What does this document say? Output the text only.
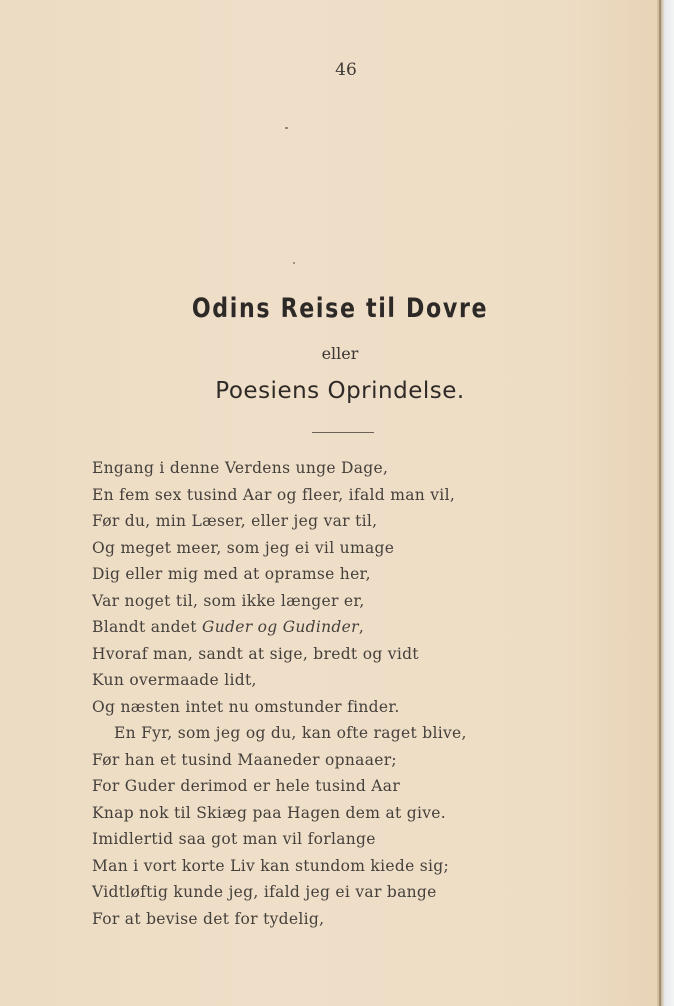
46
Odins Reise til Dovre
eller
Poesiens Oprindelse.
Engang i denne Verdens unge Dage,
En fem sex tusind Aar og fleer, ifald man vil,
Før du, min Læser, eller jeg var til,
Og meget meer, som jeg ei vil umage
Dig eller mig med at opramse her,
Var noget til, som ikke længer er,
Blandt andet Guder og Gudinder,
Hvoraf man, sandt at sige, bredt og vidt
Kun overmaade lidt,
Og næsten intet nu omstunder finder.
En Fyr, som jeg og du, kan ofte raget blive,
Før han et tusind Maaneder opnaaer;
For Guder derimod er hele tusind Aar
Knap nok til Skiæg paa Hagen dem at give.
Imidlertid saa got man vil forlange
Man i vort korte Liv kan stundom kiede sig;
Vidtløftig kunde jeg, ifald jeg ei var bange
For at bevise det for tydelig,
